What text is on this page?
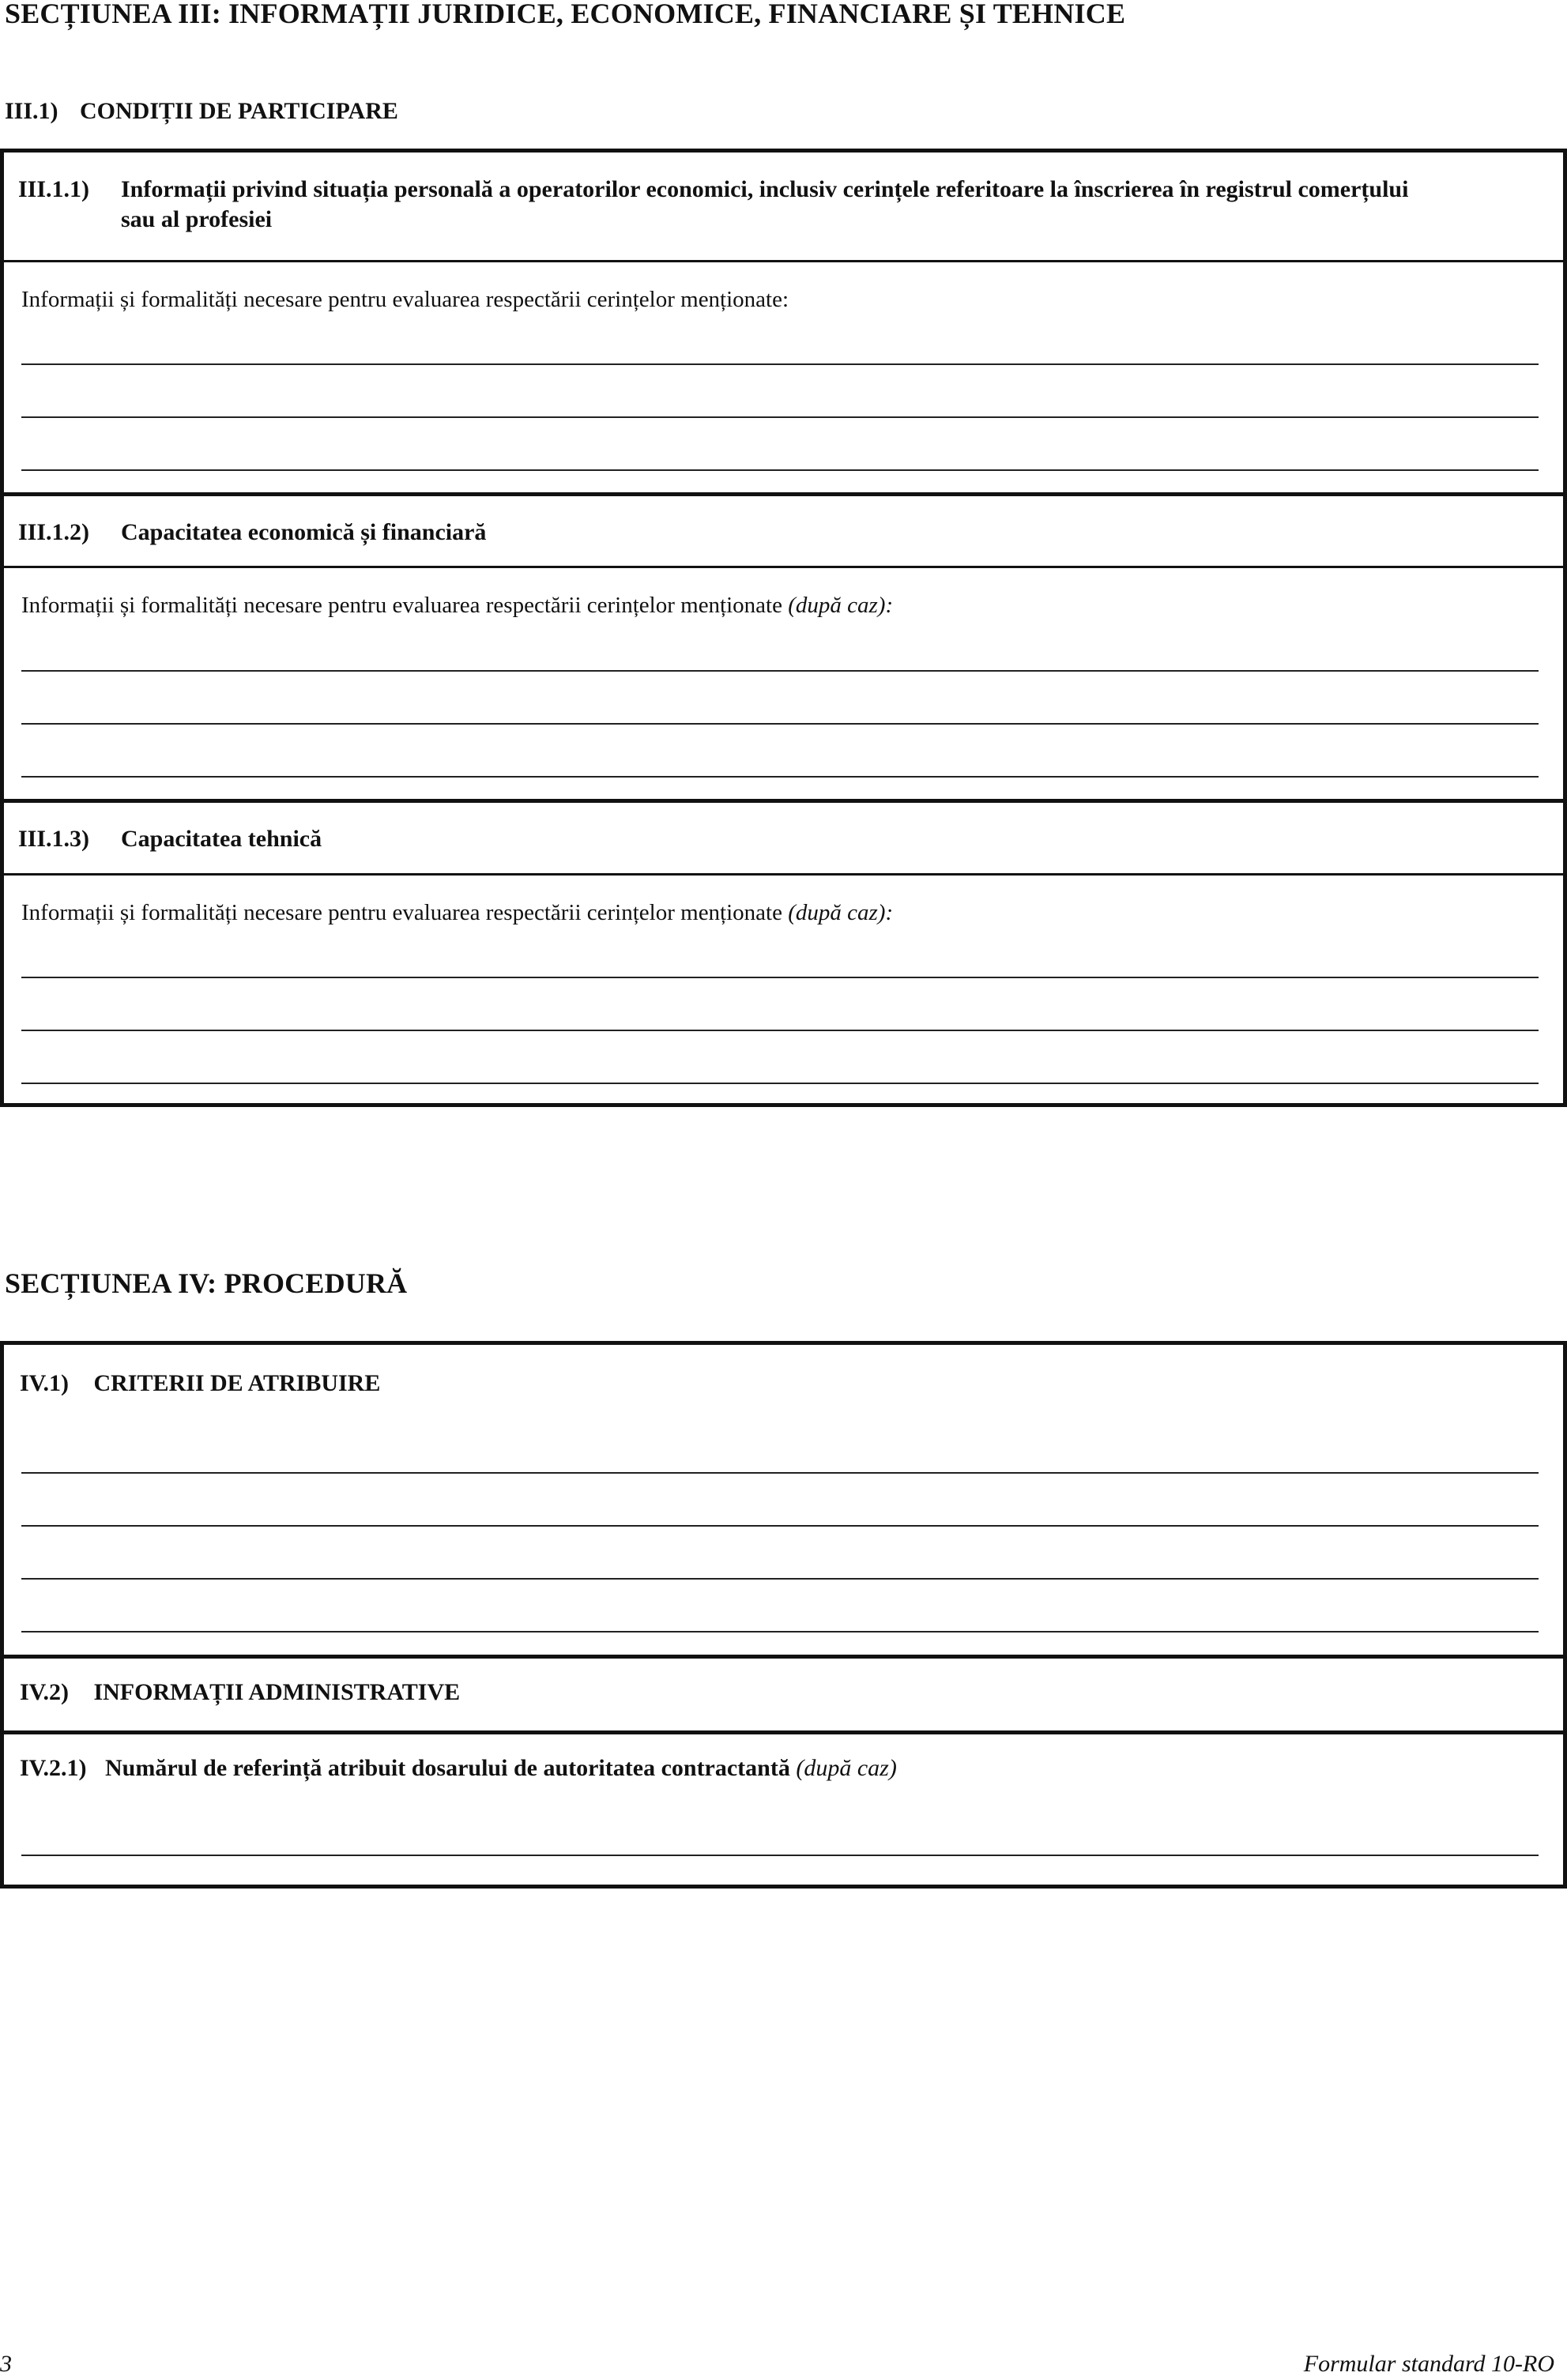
SECȚIUNEA III: INFORMAȚII JURIDICE, ECONOMICE, FINANCIARE ȘI TEHNICE
III.1) CONDIȚII DE PARTICIPARE
III.1.1) Informații privind situația personală a operatorilor economici, inclusiv cerințele referitoare la înscrierea în registrul comerțului
sau al profesiei
Informații și formalități necesare pentru evaluarea respectării cerințelor menționate:
III.1.2) Capacitatea economică și financiară
Informații și formalități necesare pentru evaluarea respectării cerințelor menționate (după caz):
III.1.3) Capacitatea tehnică
Informații și formalități necesare pentru evaluarea respectării cerințelor menționate (după caz):
SECȚIUNEA IV: PROCEDURĂ
IV.1) CRITERII DE ATRIBUIRE
IV.2) INFORMAȚII ADMINISTRATIVE
IV.2.1) Numărul de referință atribuit dosarului de autoritatea contractantă (după caz)
3	Formular standard 10-RO
